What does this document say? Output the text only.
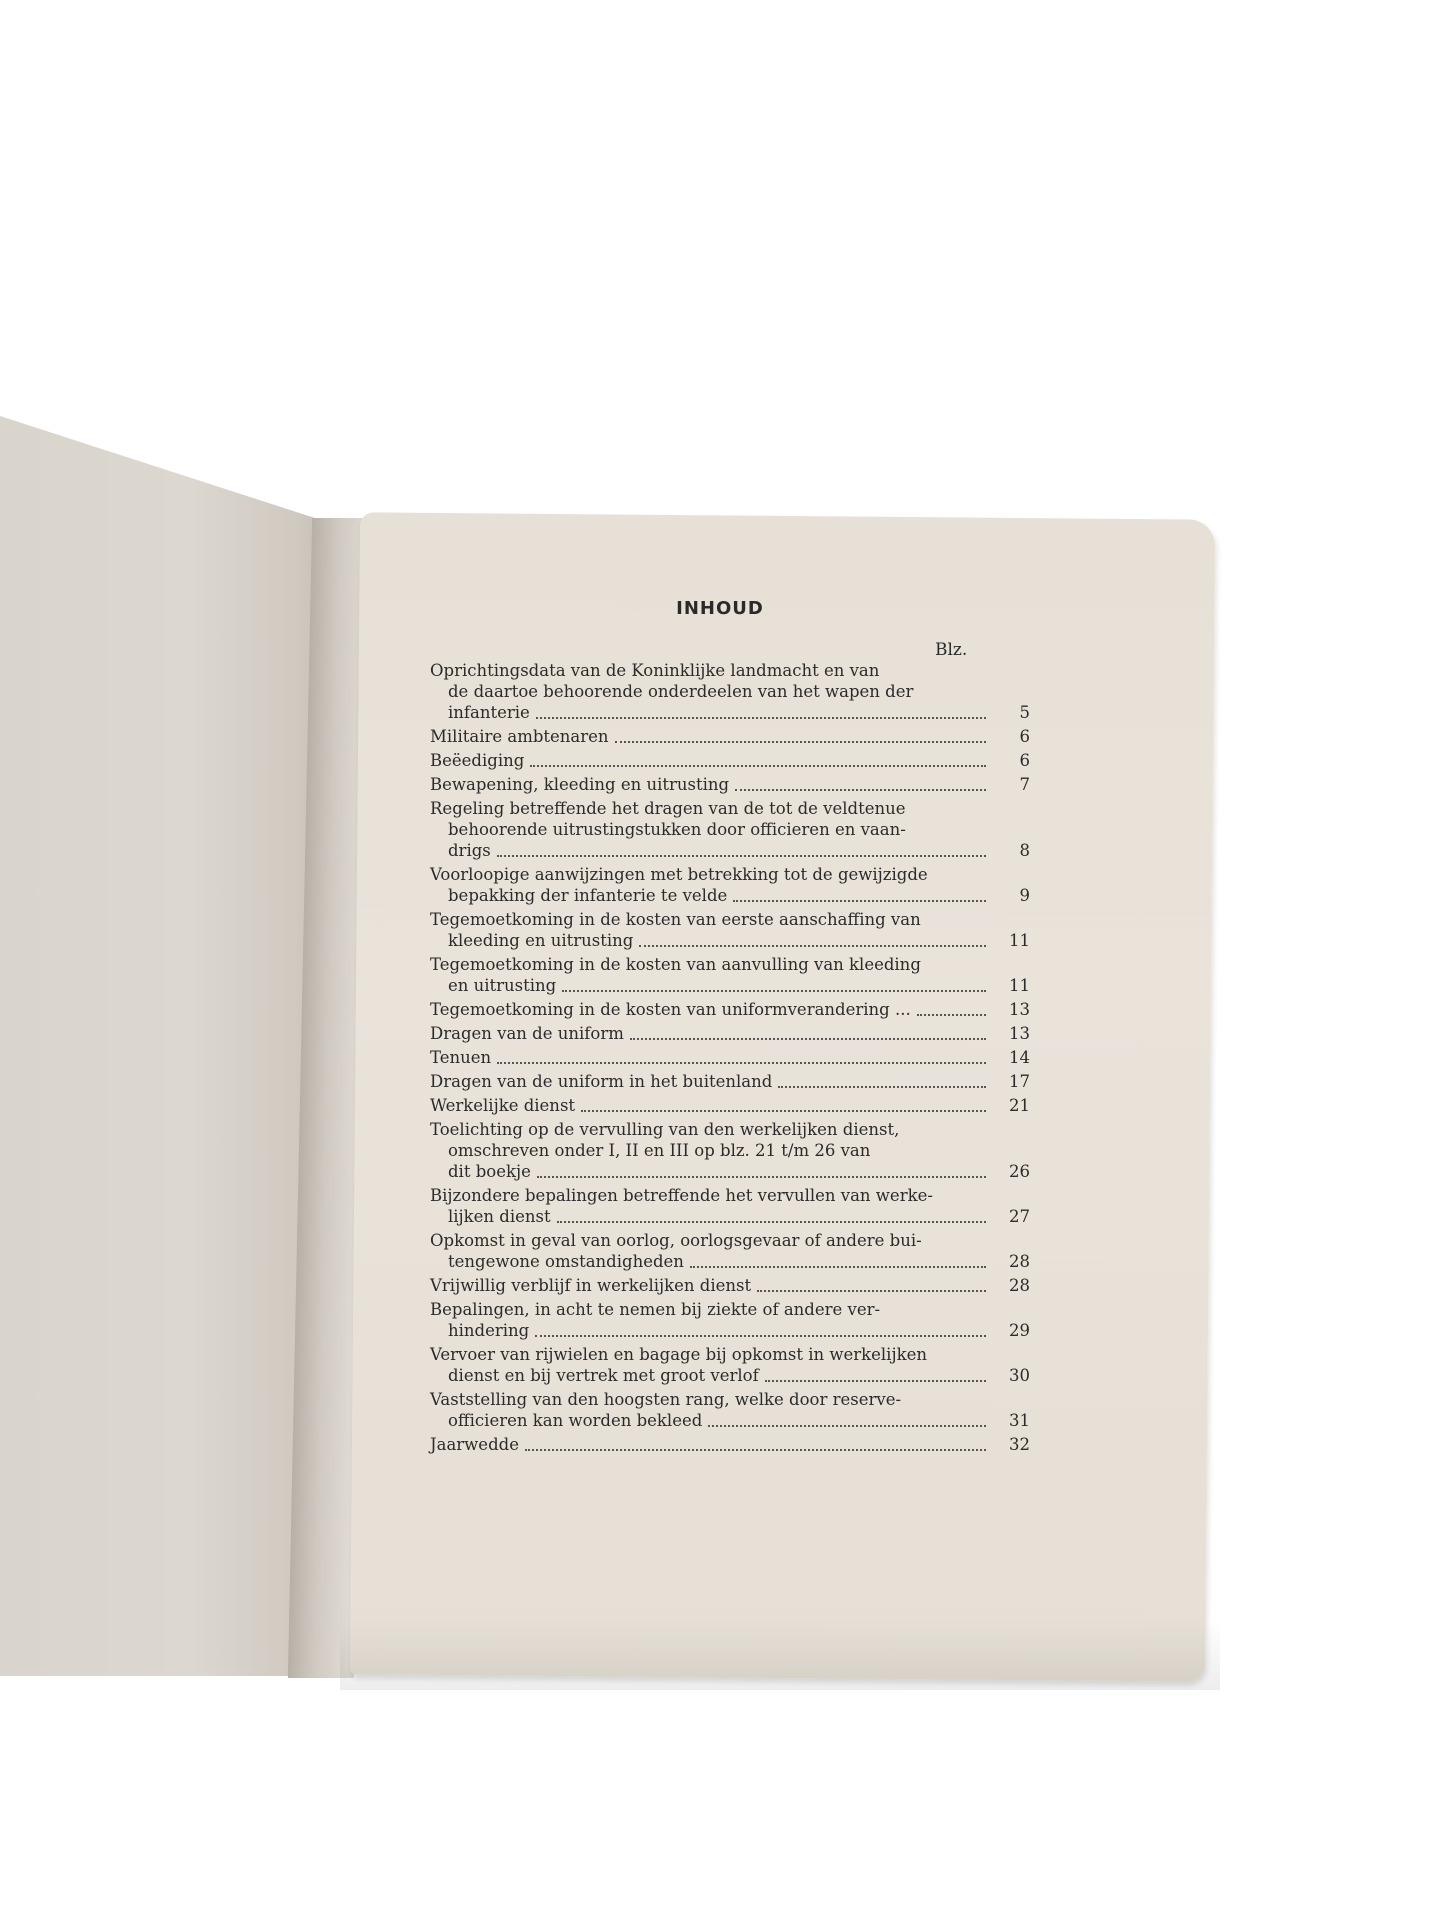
INHOUD
Blz.
Oprichtingsdata van de Koninklijke landmacht en van
de daartoe behoorende onderdeelen van het wapen der
infanterie	5
Militaire ambtenaren	6
Beëediging	6
Bewapening, kleeding en uitrusting	7
Regeling betreffende het dragen van de tot de veldtenue
behoorende uitrustingstukken door officieren en vaan-
drigs	8
Voorloopige aanwijzingen met betrekking tot de gewijzigde
bepakking der infanterie te velde	9
Tegemoetkoming in de kosten van eerste aanschaffing van
kleeding en uitrusting	11
Tegemoetkoming in de kosten van aanvulling van kleeding
en uitrusting	11
Tegemoetkoming in de kosten van uniformverandering ...	13
Dragen van de uniform	13
Tenuen	14
Dragen van de uniform in het buitenland	17
Werkelijke dienst	21
Toelichting op de vervulling van den werkelijken dienst,
omschreven onder I, II en III op blz. 21 t/m 26 van
dit boekje	26
Bijzondere bepalingen betreffende het vervullen van werke-
lijken dienst	27
Opkomst in geval van oorlog, oorlogsgevaar of andere bui-
tengewone omstandigheden	28
Vrijwillig verblijf in werkelijken dienst	28
Bepalingen, in acht te nemen bij ziekte of andere ver-
hindering	29
Vervoer van rijwielen en bagage bij opkomst in werkelijken
dienst en bij vertrek met groot verlof	30
Vaststelling van den hoogsten rang, welke door reserve-
officieren kan worden bekleed	31
Jaarwedde	32
